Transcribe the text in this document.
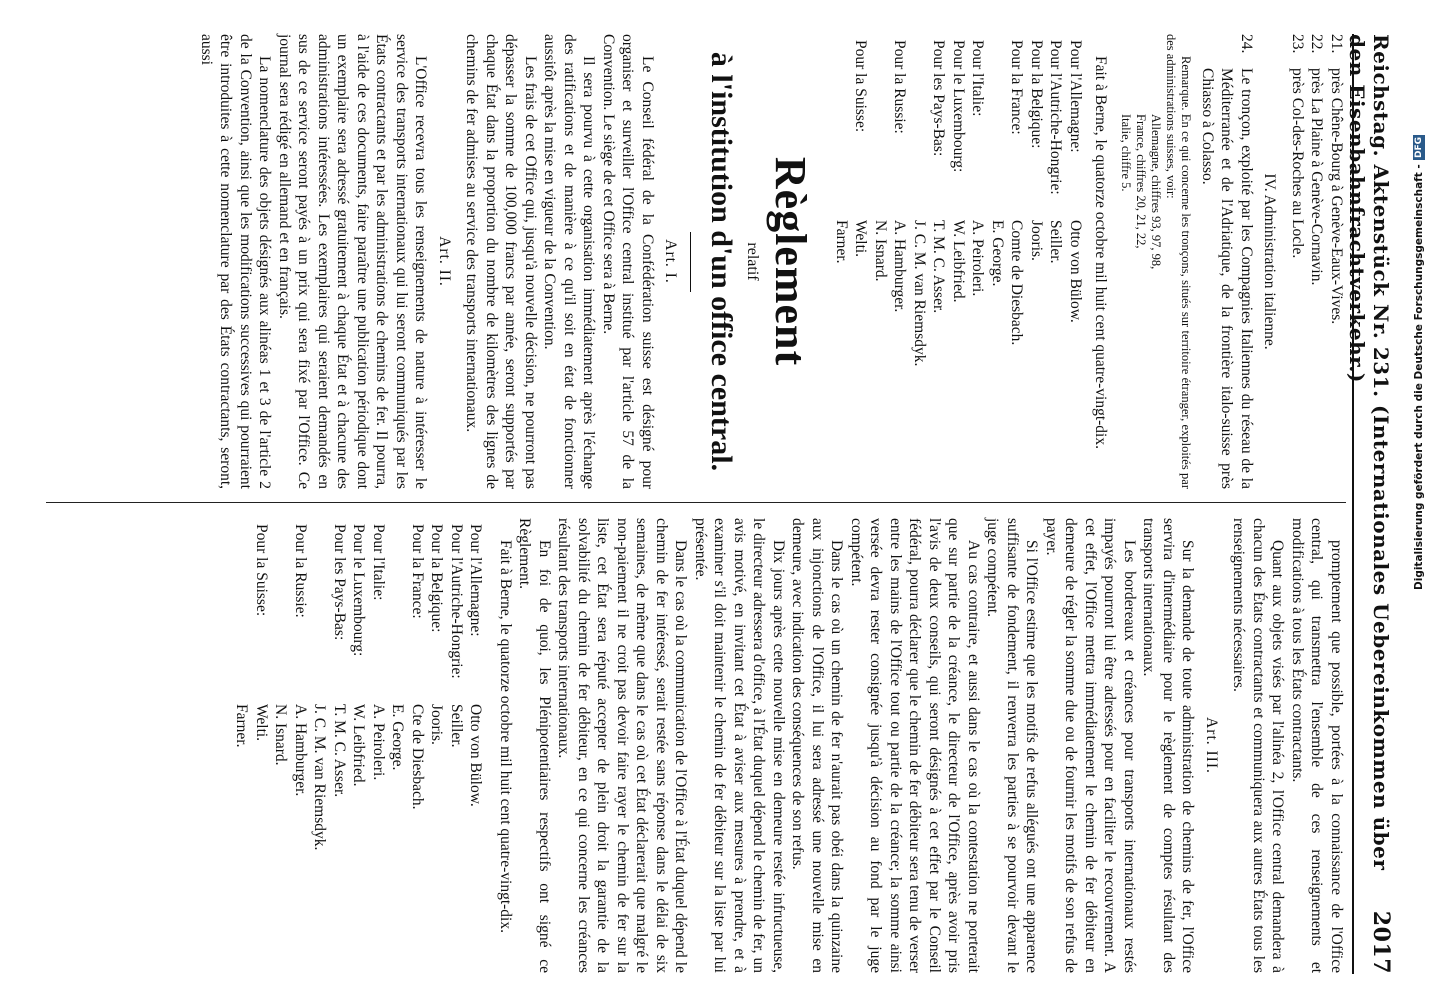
Reichstag. Aktenstück Nr. 231. (Internationales Uebereinkommen über den Eisenbahnfrachtverkehr.)
2017
21.
près Chêne-Bourg à Genève-Eaux-Vives.
22.
près La Plaine à Genève-Cornavin.
23.
près Col-des-Roches au Locle.

IV. Administration italienne.

24.
Le tronçon, exploité par les Compagnies Italiennes du réseau de la Méditerranée et de l'Adriatique, de la frontière italo-suisse près Chiasso à Colasso.

Remarque. En ce qui concerne les tronçons, situés sur territoire étranger, exploités par des administrations suisses, voir:

Allemagne, chiffres 93, 97, 98,
France, chiffres 20, 21, 22,
Italie, chiffre 5.

Fait à Berne, le quatorze octobre mil huit cent quatre-vingt-dix.

Pour l'Allemagne:
Otto von Bülow.
Pour l'Autriche-Hongrie:
Seiller.
Pour la Belgique:
Jooris.
Pour la France:
Comte de Diesbach.
E. George.
Pour l'Italie:
A. Peiroleri.
Pour le Luxembourg:
W. Leibfried.
Pour les Pays-Bas:
T. M. C. Asser.
J. C. M. van Riemsdyk.
Pour la Russie:
A. Hamburger.
N. Isnard.
Pour la Suisse:
Welti.
Farner.
Règlement
relatif
à l'institution d'un office central.

Art. I.

Le Conseil fédéral de la Confédération suisse est désigné pour organiser et surveiller l'Office central institué par l'article 57 de la Convention. Le siège de cet Office sera à Berne.

Il sera pourvu à cette organisation immédiatement après l'échange des ratifications et de manière à ce qu'il soit en état de fonctionner aussitôt après la mise en vigueur de la Convention.

Les frais de cet Office qui, jusqu'à nouvelle décision, ne pourront pas dépasser la somme de 100,000 francs par année, seront supportés par chaque État dans la proportion du nombre de kilomètres des lignes de chemins de fer admises au service des transports internationaux.

Art. II.

L'Office recevra tous les renseignements de nature à intéresser le service des transports internationaux qui lui seront communiqués par les États contractants et par les administrations de chemins de fer. Il pourra, à l'aide de ces documents, faire paraître une publication périodique dont un exemplaire sera adressé gratuitement à chaque État et à chacune des administrations intéressées. Les exemplaires qui seraient demandés en sus de ce service seront payés à un prix qui sera fixé par l'Office. Ce journal sera rédigé en allemand et en français.

La nomenclature des objets désignés aux alinéas 1 et 3 de l'article 2 de la Convention, ainsi que les modifications successives qui pourraient être introduites à cette nomenclature par des États contractants, seront, aussi

promptement que possible, portées à la connaissance de l'Office central, qui transmettra l'ensemble de ces renseignements et modifications à tous les États contractants.

Quant aux objets visés par l'alinéa 2, l'Office central demandera à chacun des États contractants et communiquera aux autres États tous les renseignements nécessaires.

Art. III.

Sur la demande de toute administration de chemins de fer, l'Office servira d'intermédiaire pour le règlement de comptes résultant des transports internationaux.

Les bordereaux et créances pour transports internationaux restés impayés pourront lui être adressés pour en faciliter le recouvrement. A cet effet, l'Office mettra immédiatement le chemin de fer débiteur en demeure de régler la somme due ou de fournir les motifs de son refus de payer.

Si l'Office estime que les motifs de refus allégués ont une apparence suffisante de fondement, il renverra les parties à se pourvoir devant le juge compétent.

Au cas contraire, et aussi dans le cas où la contestation ne porterait que sur partie de la créance, le directeur de l'Office, après avoir pris l'avis de deux conseils, qui seront désignés à cet effet par le Conseil fédéral, pourra déclarer que le chemin de fer débiteur sera tenu de verser entre les mains de l'Office tout ou partie de la créance; la somme ainsi versée devra rester consignée jusqu'à décision au fond par le juge compétent.

Dans le cas où un chemin de fer n'aurait pas obéi dans la quinzaine aux injonctions de l'Office, il lui sera adressé une nouvelle mise en demeure, avec indication des conséquences de son refus.

Dix jours après cette nouvelle mise en demeure restée infructueuse, le directeur adressera d'office, à l'État duquel dépend le chemin de fer, un avis motivé, en invitant cet État à aviser aux mesures à prendre, et à examiner s'il doit maintenir le chemin de fer débiteur sur la liste par lui présentée.

Dans le cas où la communication de l'Office à l'État duquel dépend le chemin de fer intéressé, serait restée sans réponse dans le délai de six semaines, de même que dans le cas où cet État déclarerait que malgré le non-paiement il ne croit pas devoir faire rayer le chemin de fer sur la liste, cet État sera réputé accepter de plein droit la garantie de la solvabilité du chemin de fer débiteur, en ce qui concerne les créances résultant des transports internationaux.

En foi de quoi, les Plénipotentiaires respectifs ont signé ce Règlement.

Fait à Berne, le quatorze octobre mil huit cent quatre-vingt-dix.

Pour l'Allemagne:
Otto von Bülow.
Pour l'Autriche-Hongrie:
Seiller.
Pour la Belgique:
Jooris.
Pour la France:
Cte de Diesbach.
E. George.
Pour l'Italie:
A. Peiroleri.
Pour le Luxembourg:
W. Leibfried.
Pour les Pays-Bas:
T. M. C. Asser.
J. C. M. van Riemsdyk.
Pour la Russie:
A. Hamburger.
N. Isnard.
Pour la Suisse:
Welti.
Farner.
Digitalisierung gefördert durch die Deutsche Forschungsgemeinschaft -
DFG
